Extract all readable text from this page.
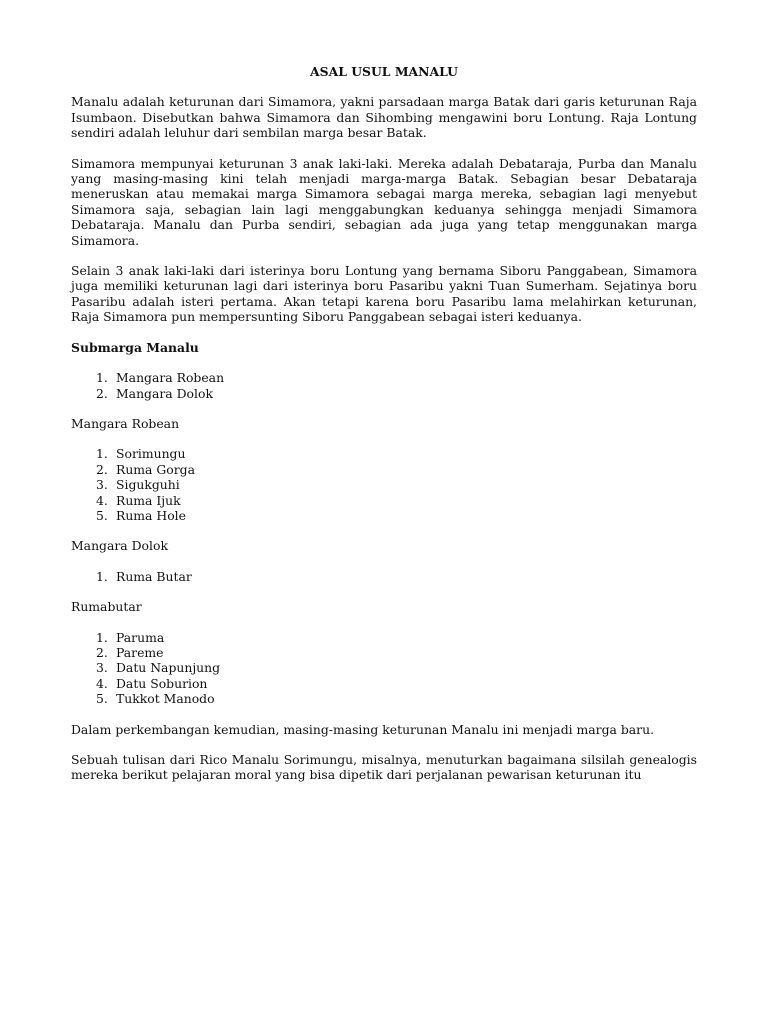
ASAL USUL MANALU

Manalu adalah keturunan dari Simamora, yakni parsadaan marga Batak dari garis keturunan Raja Isumbaon. Disebutkan bahwa Simamora dan Sihombing mengawini boru Lontung. Raja Lontung sendiri adalah leluhur dari sembilan marga besar Batak.

Simamora mempunyai keturunan 3 anak laki-laki. Mereka adalah Debataraja, Purba dan Manalu yang masing-masing kini telah menjadi marga-marga Batak. Sebagian besar Debataraja meneruskan atau memakai marga Simamora sebagai marga mereka, sebagian lagi menyebut Simamora saja, sebagian lain lagi menggabungkan keduanya sehingga menjadi Simamora Debataraja. Manalu dan Purba sendiri, sebagian ada juga yang tetap menggunakan marga Simamora.

Selain 3 anak laki-laki dari isterinya boru Lontung yang bernama Siboru Panggabean, Simamora juga memiliki keturunan lagi dari isterinya boru Pasaribu yakni Tuan Sumerham. Sejatinya boru Pasaribu adalah isteri pertama. Akan tetapi karena boru Pasaribu lama melahirkan keturunan, Raja Simamora pun mempersunting Siboru Panggabean sebagai isteri keduanya.

Submarga Manalu
1. Mangara Robean
2. Mangara Dolok
Mangara Robean
1. Sorimungu
2. Ruma Gorga
3. Sigukguhi
4. Ruma Ijuk
5. Ruma Hole
Mangara Dolok
1. Ruma Butar
Rumabutar
1. Paruma
2. Pareme
3. Datu Napunjung
4. Datu Soburion
5. Tukkot Manodo

Dalam perkembangan kemudian, masing-masing keturunan Manalu ini menjadi marga baru.

Sebuah tulisan dari Rico Manalu Sorimungu, misalnya, menuturkan bagaimana silsilah genealogis mereka berikut pelajaran moral yang bisa dipetik dari perjalanan pewarisan keturunan itu
